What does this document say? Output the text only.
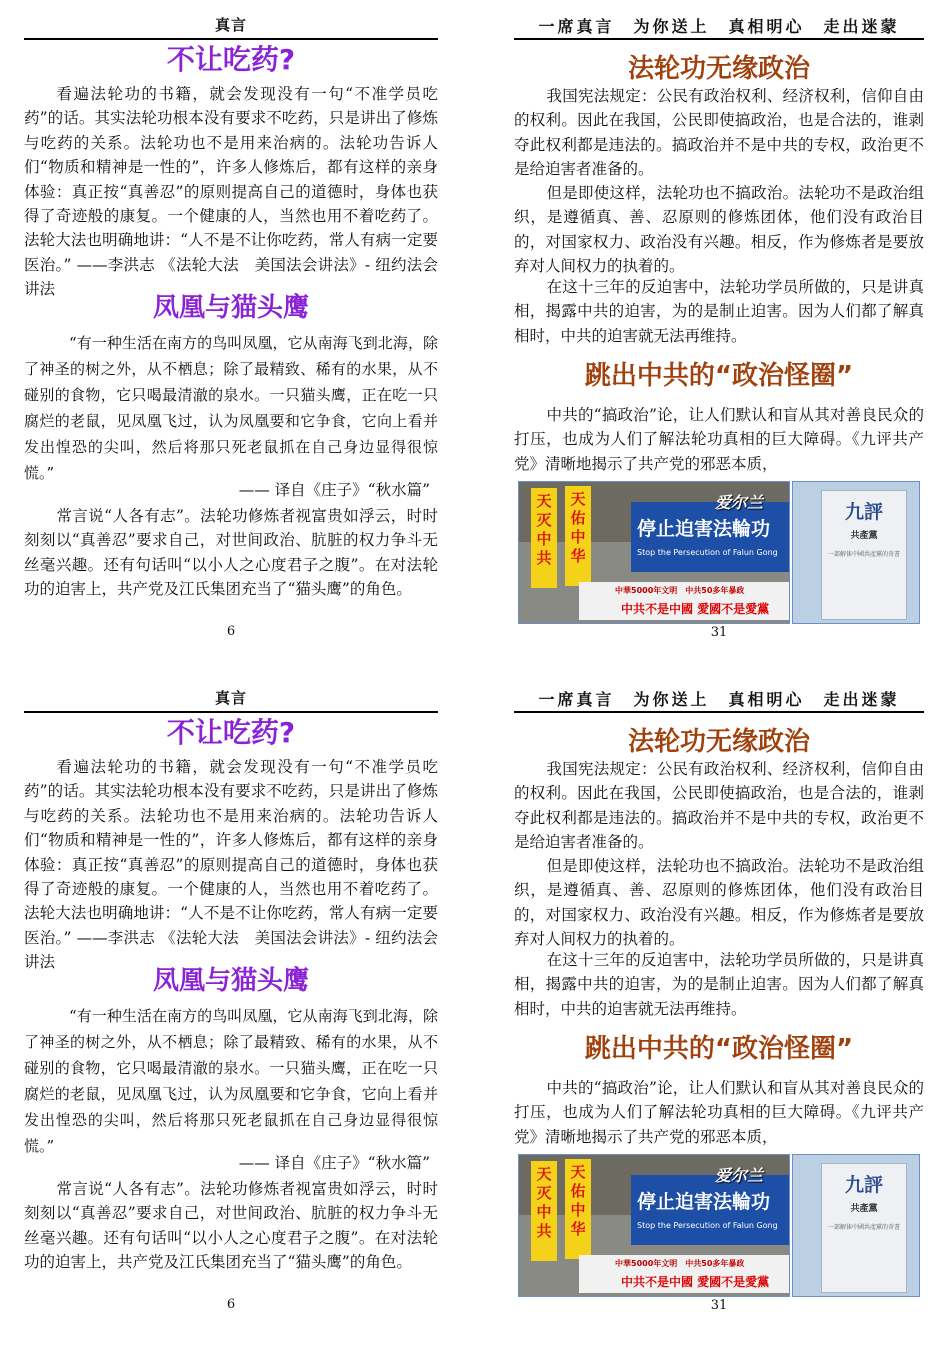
真言
不让吃药?

看遍法轮功的书籍，就会发现没有一句“不准学员吃药”的话。其实法轮功根本没有要求不吃药，只是讲出了修炼与吃药的关系。法轮功也不是用来治病的。法轮功告诉人们“物质和精神是一性的”，许多人修炼后，都有这样的亲身体验：真正按“真善忍”的原则提高自己的道德时，身体也获得了奇迹般的康复。一个健康的人，当然也用不着吃药了。法轮大法也明确地讲：“人不是不让你吃药，常人有病一定要医治。” ——李洪志 《法轮大法　美国法会讲法》- 纽约法会讲法

凤凰与猫头鹰

“有一种生活在南方的鸟叫凤凰，它从南海飞到北海，除了神圣的树之外，从不栖息；除了最精致、稀有的水果，从不碰别的食物，它只喝最清澈的泉水。一只猫头鹰，正在吃一只腐烂的老鼠，见凤凰飞过，认为凤凰要和它争食，它向上看并发出惶恐的尖叫，然后将那只死老鼠抓在自己身边显得很惊慌。”

—— 译自《庄子》“秋水篇”

常言说“人各有志”。法轮功修炼者视富贵如浮云，时时刻刻以“真善忍”要求自己，对世间政治、肮脏的权力争斗无丝毫兴趣。还有句话叫“以小人之心度君子之腹”。在对法轮功的迫害上，共产党及江氏集团充当了“猫头鹰”的角色。

6
一席真言　为你送上　真相明心　走出迷蒙
法轮功无缘政治

我国宪法规定：公民有政治权利、经济权利，信仰自由的权利。因此在我国，公民即使搞政治，也是合法的，谁剥夺此权利都是违法的。搞政治并不是中共的专权，政治更不是给迫害者准备的。

但是即使这样，法轮功也不搞政治。法轮功不是政治组织，是遵循真、善、忍原则的修炼团体，他们没有政治目的，对国家权力、政治没有兴趣。相反，作为修炼者是要放弃对人间权力的执着的。

在这十三年的反迫害中，法轮功学员所做的，只是讲真相，揭露中共的迫害，为的是制止迫害。因为人们都了解真相时，中共的迫害就无法再维持。

跳出中共的“政治怪圈”

中共的“搞政治”论，让人们默认和盲从其对善良民众的打压，也成为人们了解法轮功真相的巨大障碍。《九评共产党》清晰地揭示了共产党的邪恶本质，

天灭中共
天佑中华
停止迫害法輪功
Stop the Persecution of Falun Gong
中華5000年文明　中共50多年暴政
中共不是中國 愛國不是愛黨
爱尔兰	九評
共產黨
一部解体中國共產黨的奇書
31
真言
不让吃药?

看遍法轮功的书籍，就会发现没有一句“不准学员吃药”的话。其实法轮功根本没有要求不吃药，只是讲出了修炼与吃药的关系。法轮功也不是用来治病的。法轮功告诉人们“物质和精神是一性的”，许多人修炼后，都有这样的亲身体验：真正按“真善忍”的原则提高自己的道德时，身体也获得了奇迹般的康复。一个健康的人，当然也用不着吃药了。法轮大法也明确地讲：“人不是不让你吃药，常人有病一定要医治。” ——李洪志 《法轮大法　美国法会讲法》- 纽约法会讲法

凤凰与猫头鹰

“有一种生活在南方的鸟叫凤凰，它从南海飞到北海，除了神圣的树之外，从不栖息；除了最精致、稀有的水果，从不碰别的食物，它只喝最清澈的泉水。一只猫头鹰，正在吃一只腐烂的老鼠，见凤凰飞过，认为凤凰要和它争食，它向上看并发出惶恐的尖叫，然后将那只死老鼠抓在自己身边显得很惊慌。”

—— 译自《庄子》“秋水篇”

常言说“人各有志”。法轮功修炼者视富贵如浮云，时时刻刻以“真善忍”要求自己，对世间政治、肮脏的权力争斗无丝毫兴趣。还有句话叫“以小人之心度君子之腹”。在对法轮功的迫害上，共产党及江氏集团充当了“猫头鹰”的角色。

6
一席真言　为你送上　真相明心　走出迷蒙
法轮功无缘政治

我国宪法规定：公民有政治权利、经济权利，信仰自由的权利。因此在我国，公民即使搞政治，也是合法的，谁剥夺此权利都是违法的。搞政治并不是中共的专权，政治更不是给迫害者准备的。

但是即使这样，法轮功也不搞政治。法轮功不是政治组织，是遵循真、善、忍原则的修炼团体，他们没有政治目的，对国家权力、政治没有兴趣。相反，作为修炼者是要放弃对人间权力的执着的。

在这十三年的反迫害中，法轮功学员所做的，只是讲真相，揭露中共的迫害，为的是制止迫害。因为人们都了解真相时，中共的迫害就无法再维持。

跳出中共的“政治怪圈”

中共的“搞政治”论，让人们默认和盲从其对善良民众的打压，也成为人们了解法轮功真相的巨大障碍。《九评共产党》清晰地揭示了共产党的邪恶本质，

天灭中共
天佑中华
停止迫害法輪功
Stop the Persecution of Falun Gong
中華5000年文明　中共50多年暴政
中共不是中國 愛國不是愛黨
爱尔兰	九評
共產黨
一部解体中國共產黨的奇書
31
